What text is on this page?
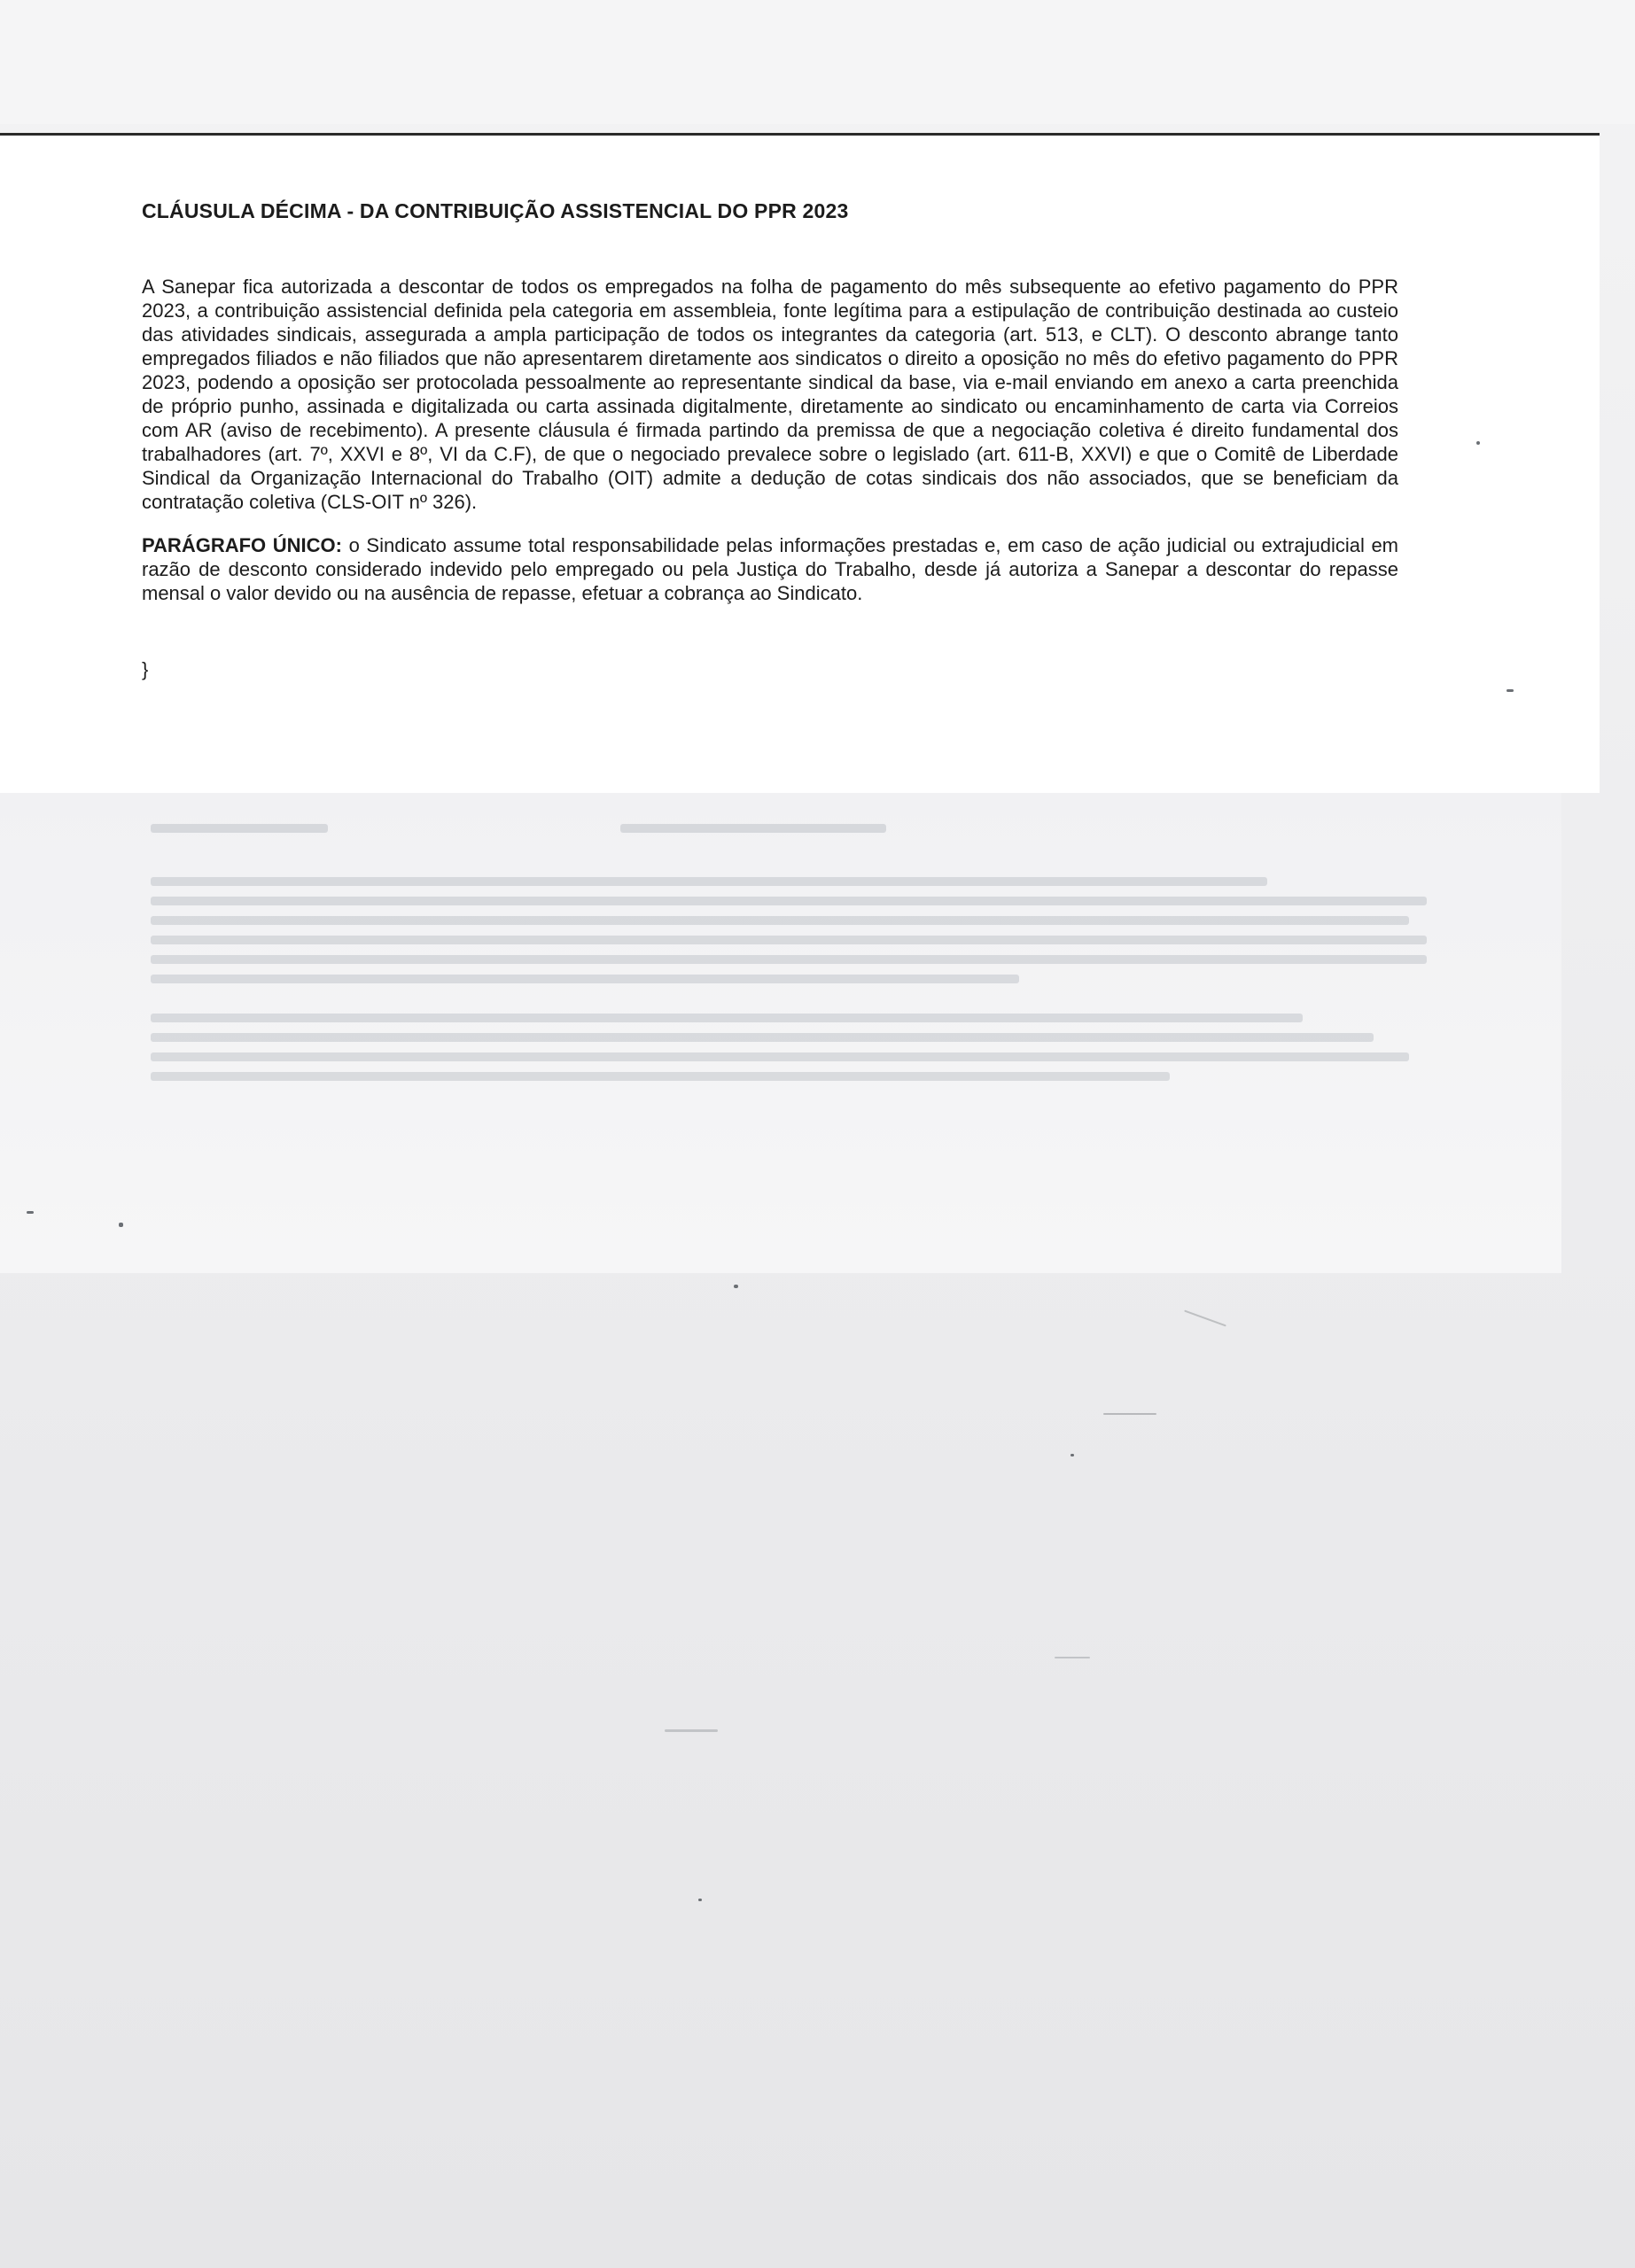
CLÁUSULA DÉCIMA - DA CONTRIBUIÇÃO ASSISTENCIAL DO PPR 2023

A Sanepar fica autorizada a descontar de todos os empregados na folha de pagamento do mês subsequente ao efetivo pagamento do PPR 2023, a contribuição assistencial definida pela categoria em assembleia, fonte legítima para a estipulação de contribuição destinada ao custeio das atividades sindicais, assegurada a ampla participação de todos os integrantes da categoria (art. 513, e CLT). O desconto abrange tanto empregados filiados e não filiados que não apresentarem diretamente aos sindicatos o direito a oposição no mês do efetivo pagamento do PPR 2023, podendo a oposição ser protocolada pessoalmente ao representante sindical da base, via e-mail enviando em anexo a carta preenchida de próprio punho, assinada e digitalizada ou carta assinada digitalmente, diretamente ao sindicato ou encaminhamento de carta via Correios com AR (aviso de recebimento). A presente cláusula é firmada partindo da premissa de que a negociação coletiva é direito fundamental dos trabalhadores (art. 7º, XXVI e 8º, VI da C.F), de que o negociado prevalece sobre o legislado (art. 611-B, XXVI) e que o Comitê de Liberdade Sindical da Organização Internacional do Trabalho (OIT) admite a dedução de cotas sindicais dos não associados, que se beneficiam da contratação coletiva (CLS-OIT nº 326).

PARÁGRAFO ÚNICO: o Sindicato assume total responsabilidade pelas informações prestadas e, em caso de ação judicial ou extrajudicial em razão de desconto considerado indevido pelo empregado ou pela Justiça do Trabalho, desde já autoriza a Sanepar a descontar do repasse mensal o valor devido ou na ausência de repasse, efetuar a cobrança ao Sindicato.

}
